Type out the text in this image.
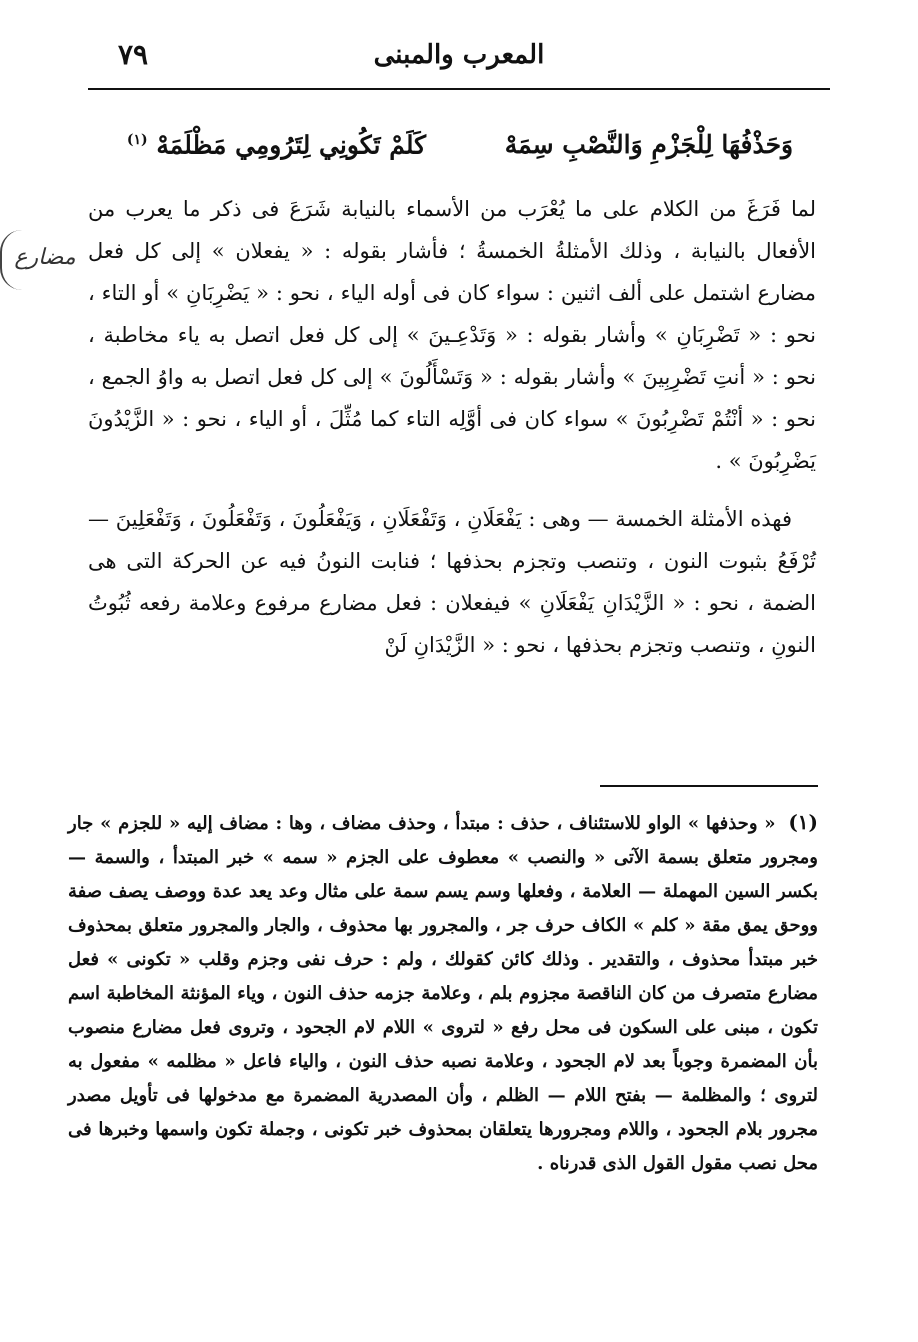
المعرب والمبنى
٧٩
وَحَذْفُهَا لِلْجَزْمِ وَالنَّصْبِ سِمَهْ كَلَمْ تَكُونِي لِتَرُومِي مَظْلَمَهْ $^{(١)}$
مضارع

لما فَرَغَ من الكلام على ما يُعْرَب من الأسماء بالنيابة شَرَعَ فى ذكر ما يعرب من الأفعال بالنيابة ، وذلك الأمثلةُ الخمسةُ ؛ فأشار بقوله : « يفعلان » إلى كل فعل مضارع اشتمل على ألف اثنين : سواء كان فى أوله الياء ، نحو : « يَضْرِبَانِ » أو التاء ، نحو : « تَضْرِبَانِ » وأشار بقوله : « وَتَدْعِـينَ » إلى كل فعل اتصل به ياء مخاطبة ، نحو : « أنتِ تَضْرِبِينَ » وأشار بقوله : « وَتَسْأَلُونَ » إلى كل فعل اتصل به واوُ الجمع ، نحو : « أنْتُمْ تَضْرِبُونَ » سواء كان فى أوَّلِه التاء كما مُثِّلَ ، أو الياء ، نحو : « الزَّيْدُونَ يَضْرِبُونَ » .

فهذه الأمثلة الخمسة — وهى : يَفْعَلَانِ ، وَتَفْعَلَانِ ، وَيَفْعَلُونَ ، وَتَفْعَلُونَ ، وَتَفْعَلِينَ — تُرْفَعُ بثبوت النون ، وتنصب وتجزم بحذفها ؛ فنابت النونُ فيه عن الحركة التى هى الضمة ، نحو : « الزَّيْدَانِ يَفْعَلَانِ » فيفعلان : فعل مضارع مرفوع وعلامة رفعه ثُبُوتُ النونِ ، وتنصب وتجزم بحذفها ، نحو : « الزَّيْدَانِ لَنْ

(١) « وحذفها » الواو للاستئناف ، حذف : مبتدأ ، وحذف مضاف ، وها : مضاف إليه « للجزم » جار ومجرور متعلق بسمة الآتى « والنصب » معطوف على الجزم « سمه » خبر المبتدأ ، والسمة — بكسر السين المهملة — العلامة ، وفعلها وسم يسم سمة على مثال وعد يعد عدة ووصف يصف صفة ووحق يمق مقة « كلم » الكاف حرف جر ، والمجرور بها محذوف ، والجار والمجرور متعلق بمحذوف خبر مبتدأ محذوف ، والتقدير . وذلك كائن كقولك ، ولم : حرف نفى وجزم وقلب « تكونى » فعل مضارع متصرف من كان الناقصة مجزوم بلم ، وعلامة جزمه حذف النون ، وياء المؤنثة المخاطبة اسم تكون ، مبنى على السكون فى محل رفع « لتروى » اللام لام الجحود ، وتروى فعل مضارع منصوب بأن المضمرة وجوباً بعد لام الجحود ، وعلامة نصبه حذف النون ، والياء فاعل « مظلمه » مفعول به لتروى ؛ والمظلمة — بفتح اللام — الظلم ، وأن المصدرية المضمرة مع مدخولها فى تأويل مصدر مجرور بلام الجحود ، واللام ومجرورها يتعلقان بمحذوف خبر تكونى ، وجملة تكون واسمها وخبرها فى محل نصب مقول القول الذى قدرناه .
